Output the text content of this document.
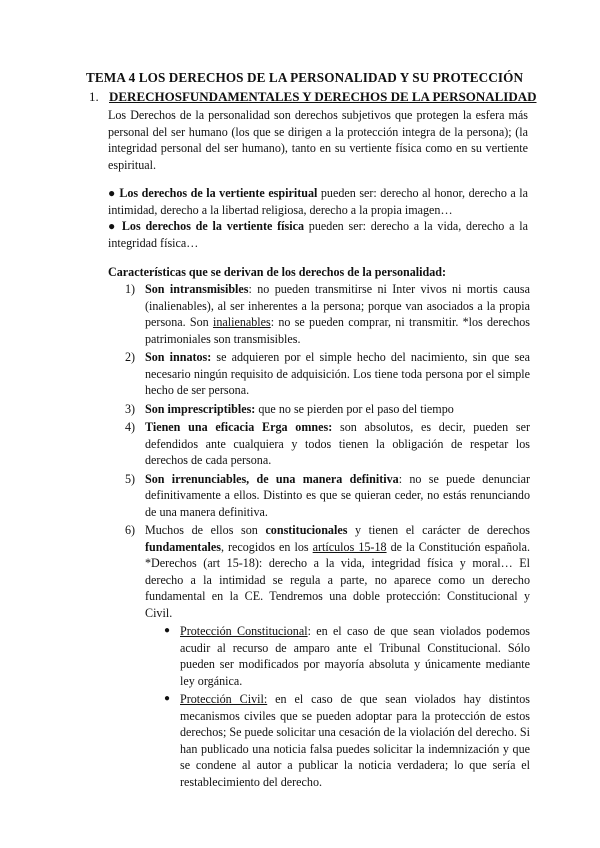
TEMA 4 LOS DERECHOS DE LA PERSONALIDAD Y SU PROTECCIÓN
1. DERECHOSFUNDAMENTALES Y DERECHOS DE LA PERSONALIDAD
Los Derechos de la personalidad son derechos subjetivos que protegen la esfera más personal del ser humano (los que se dirigen a la protección integra de la persona); (la integridad personal del ser humano), tanto en su vertiente física como en su vertiente espiritual.
● Los derechos de la vertiente espiritual pueden ser: derecho al honor, derecho a la intimidad, derecho a la libertad religiosa, derecho a la propia imagen…
● Los derechos de la vertiente física pueden ser: derecho a la vida, derecho a la integridad física…
Características que se derivan de los derechos de la personalidad:
1) Son intransmisibles: no pueden transmitirse ni Inter vivos ni mortis causa (inalienables), al ser inherentes a la persona; porque van asociados a la propia persona. Son inalienables: no se pueden comprar, ni transmitir. *los derechos patrimoniales son transmisibles.
2) Son innatos: se adquieren por el simple hecho del nacimiento, sin que sea necesario ningún requisito de adquisición. Los tiene toda persona por el simple hecho de ser persona.
3) Son imprescriptibles: que no se pierden por el paso del tiempo
4) Tienen una eficacia Erga omnes: son absolutos, es decir, pueden ser defendidos ante cualquiera y todos tienen la obligación de respetar los derechos de cada persona.
5) Son irrenunciables, de una manera definitiva: no se puede denunciar definitivamente a ellos. Distinto es que se quieran ceder, no estás renunciando de una manera definitiva.
6) Muchos de ellos son constitucionales y tienen el carácter de derechos fundamentales, recogidos en los artículos 15-18 de la Constitución española. *Derechos (art 15-18): derecho a la vida, integridad física y moral… El derecho a la intimidad se regula a parte, no aparece como un derecho fundamental en la CE. Tendremos una doble protección: Constitucional y Civil.
● Protección Constitucional: en el caso de que sean violados podemos acudir al recurso de amparo ante el Tribunal Constitucional. Sólo pueden ser modificados por mayoría absoluta y únicamente mediante ley orgánica.
● Protección Civil: en el caso de que sean violados hay distintos mecanismos civiles que se pueden adoptar para la protección de estos derechos; Se puede solicitar una cesación de la violación del derecho. Si han publicado una noticia falsa puedes solicitar la indemnización y que se condene al autor a publicar la noticia verdadera; lo que sería el restablecimiento del derecho.
